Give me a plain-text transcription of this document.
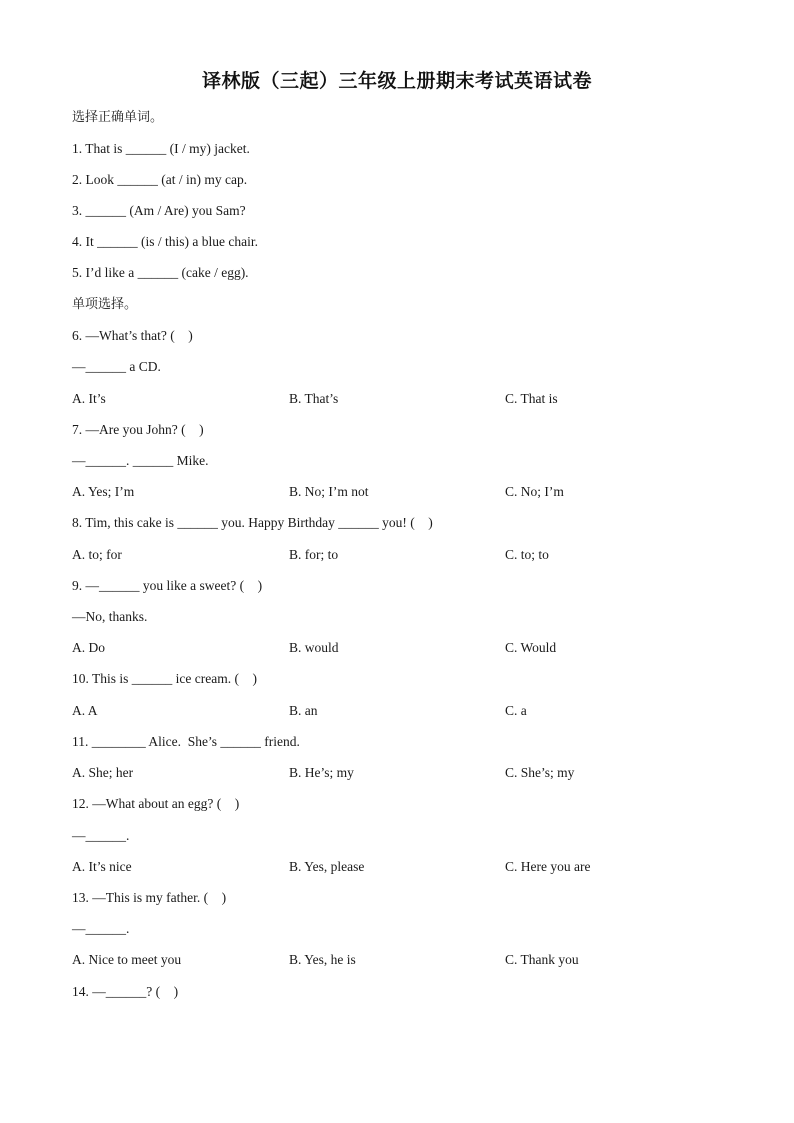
译林版（三起）三年级上册期末考试英语试卷
选择正确单词。
1. That is ______ (I / my) jacket.
2. Look ______ (at / in) my cap.
3. ______ (Am / Are) you Sam?
4. It ______ (is / this) a blue chair.
5. I’d like a ______ (cake / egg).
单项选择。
6. —What’s that? (    )
—______ a CD.
A. It’s	B. That’s	C. That is
7. —Are you John? (    )
—______. ______ Mike.
A. Yes; I’m	B. No; I’m not	C. No; I’m
8. Tim, this cake is ______ you. Happy Birthday ______ you! (    )
A. to; for	B. for; to	C. to; to
9. —______ you like a sweet? (    )
—No, thanks.
A. Do	B. would	C. Would
10. This is ______ ice cream. (    )
A. A	B. an	C. a
11. ________ Alice.  She’s ______ friend.
A. She; her	B. He’s; my	C. She’s; my
12. —What about an egg? (    )
—______.
A. It’s nice	B. Yes, please	C. Here you are
13. —This is my father. (    )
—______.
A. Nice to meet you	B. Yes, he is	C. Thank you
14. —______? (    )
